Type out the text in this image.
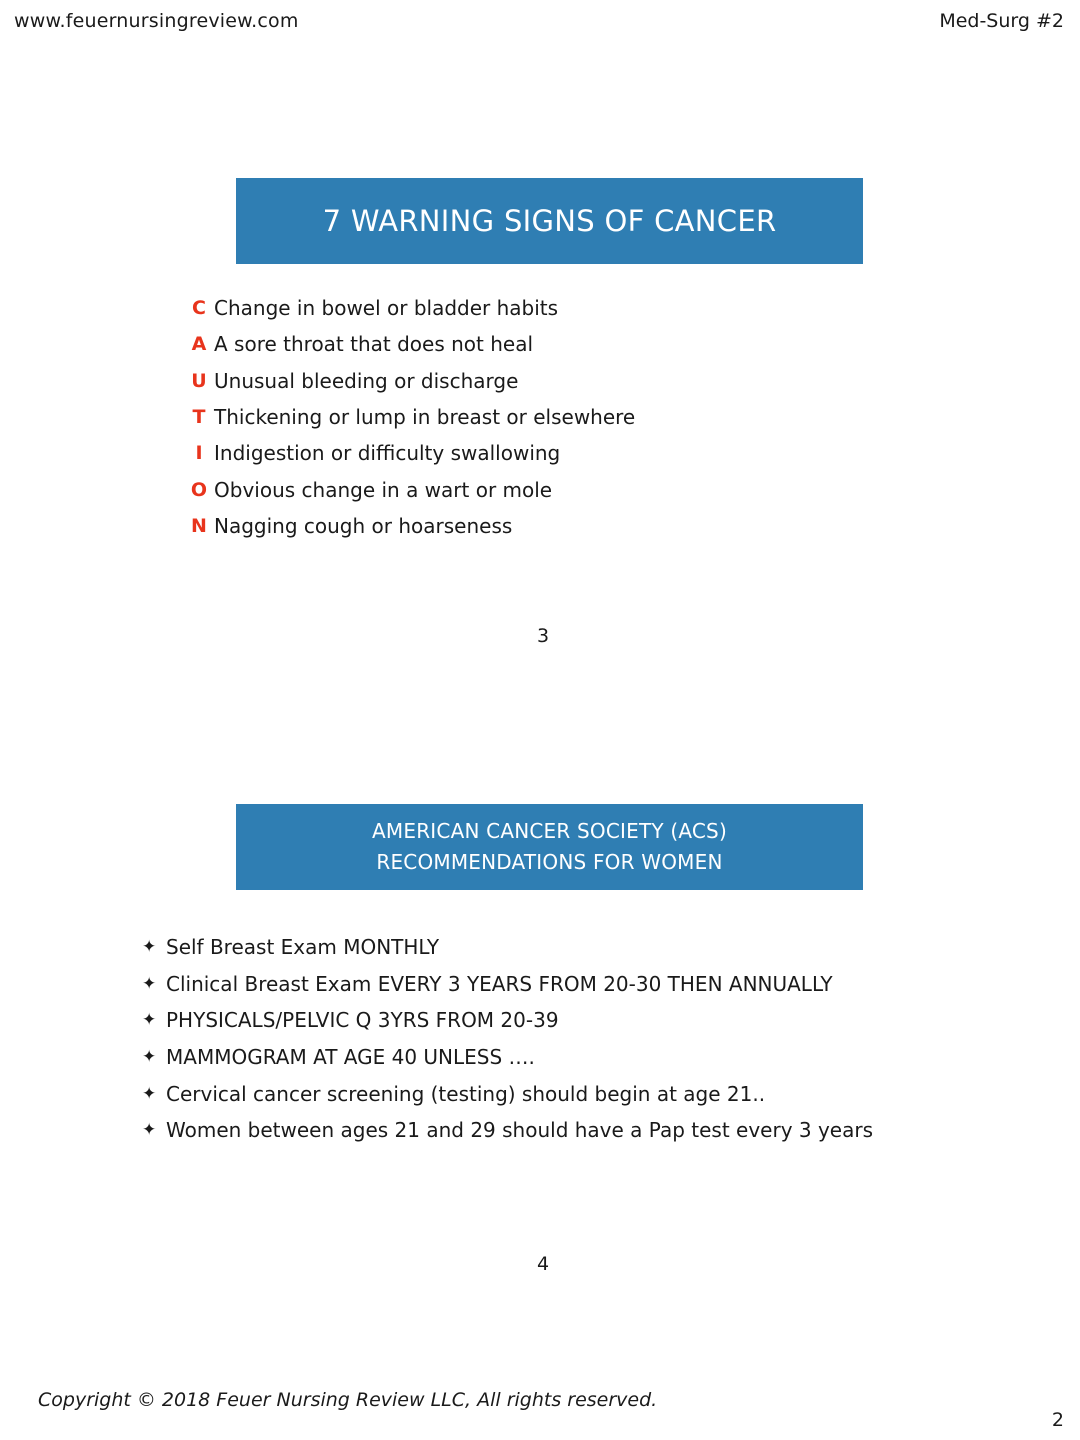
www.feuernursingreview.com	Med-Surg #2
7 WARNING SIGNS OF CANCER
C Change in bowel or bladder habits
A A sore throat that does not heal
U Unusual bleeding or discharge
T Thickening or lump in breast or elsewhere
I Indigestion or difficulty swallowing
O Obvious change in a wart or mole
N Nagging cough or hoarseness
3
AMERICAN CANCER SOCIETY (ACS)
RECOMMENDATIONS FOR WOMEN
✦ Self Breast Exam MONTHLY
✦ Clinical Breast Exam EVERY 3 YEARS FROM 20-30 THEN ANNUALLY
✦ PHYSICALS/PELVIC Q 3YRS FROM 20-39
✦ MAMMOGRAM AT AGE 40 UNLESS ….
✦ Cervical cancer screening (testing) should begin at age 21..
✦ Women between ages 21 and 29 should have a Pap test every 3 years
4
Copyright © 2018 Feuer Nursing Review LLC, All rights reserved.
2
